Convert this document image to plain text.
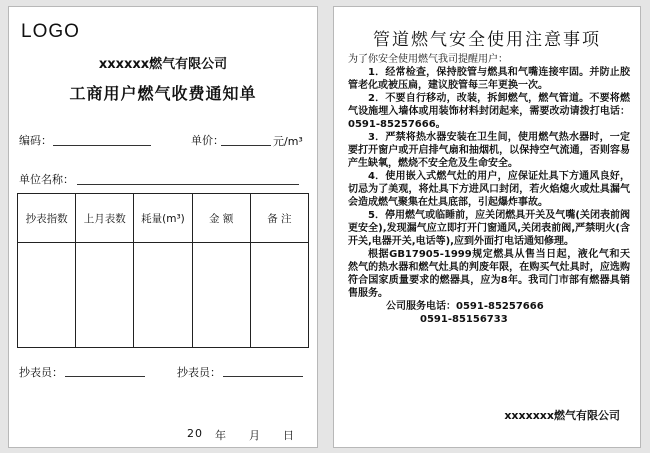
LOGO
xxxxxx燃气有限公司
工商用户燃气收费通知单
编码：	单价：	元/m³
单位名称：
抄表指数	上月表数	耗量(m³)	金 额	备 注

抄表员：	抄表员：
20 年 月 日
管道燃气安全使用注意事项

为了你安全使用燃气我司提醒用户：

1．经常检查，保持胶管与燃具和气嘴连接牢固。并防止胶管老化或被压扁，建议胶管每三年更换一次。

2．不要自行移动，改装，拆卸燃气，燃气管道。不要将燃气设施埋入墙体或用装饰材料封闭起来，需要改动请拨打电话：0591-85257666。

3．严禁将热水器安装在卫生间，使用燃气热水器时，一定要打开窗户或开启排气扇和抽烟机，以保持空气流通，否则容易产生缺氧，燃烧不安全危及生命安全。

4．使用嵌入式燃气灶的用户，应保证灶具下方通风良好，切忌为了美观，将灶具下方进风口封闭，若火焰熄火或灶具漏气会造成燃气聚集在灶具底部，引起爆炸事故。

5．停用燃气或临睡前，应关闭燃具开关及气嘴(关闭表前阀更安全),发现漏气应立即打开门窗通风,关闭表前阀,严禁明火(含开关,电器开关,电话等),应到外面打电话通知修理。

根据GB17905-1999规定燃具从售当日起，液化气和天然气的热水器和燃气灶具的判废年限，在购买气灶具时，应选购符合国家质量要求的燃器具，应为8年。我司门市部有燃器具销售服务。

公司服务电话：0591-85257666

0591-85156733

xxxxxxx燃气有限公司
